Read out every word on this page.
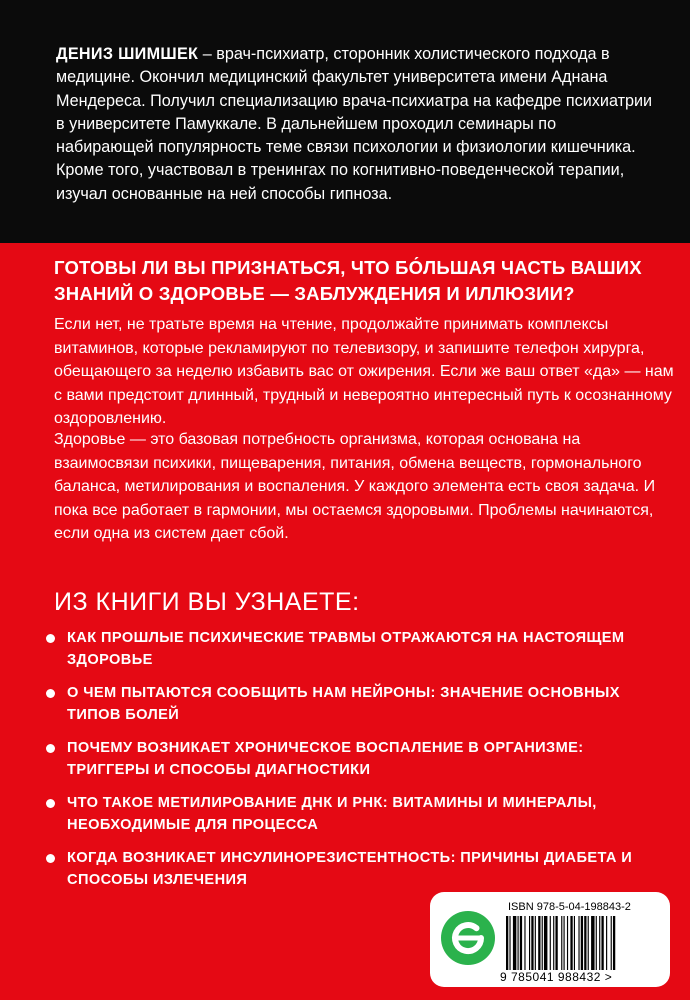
ДЕНИЗ ШИМШЕК – врач-психиатр, сторонник холистического подхода в медицине. Окончил медицинский факультет университета имени Аднана Мендереса. Получил специализацию врача-психиатра на кафедре психиатрии в университете Памуккале. В дальнейшем проходил семинары по набирающей популярность теме связи психологии и физиологии кишечника. Кроме того, участвовал в тренингах по когнитивно-поведенческой терапии, изучал основанные на ней способы гипноза.

ГОТОВЫ ЛИ ВЫ ПРИЗНАТЬСЯ, ЧТО БО́ЛЬШАЯ ЧАСТЬ ВАШИХ ЗНАНИЙ О ЗДОРОВЬЕ — ЗАБЛУЖДЕНИЯ И ИЛЛЮЗИИ?

Если нет, не тратьте время на чтение, продолжайте принимать комплексы витаминов, которые рекламируют по телевизору, и запишите телефон хирурга, обещающего за неделю избавить вас от ожирения. Если же ваш ответ «да» — нам с вами предстоит длинный, трудный и невероятно интересный путь к осознанному оздоровлению.

Здоровье — это базовая потребность организма, которая основана на взаимосвязи психики, пищеварения, питания, обмена веществ, гормонального баланса, метилирования и воспаления. У каждого элемента есть своя задача. И пока все работает в гармонии, мы остаемся здоровыми. Проблемы начинаются, если одна из систем дает сбой.

ИЗ КНИГИ ВЫ УЗНАЕТЕ:
КАК ПРОШЛЫЕ ПСИХИЧЕСКИЕ ТРАВМЫ ОТРАЖАЮТСЯ НА НАСТОЯЩЕМ ЗДОРОВЬЕ
О ЧЕМ ПЫТАЮТСЯ СООБЩИТЬ НАМ НЕЙРОНЫ: ЗНАЧЕНИЕ ОСНОВНЫХ ТИПОВ БОЛЕЙ
ПОЧЕМУ ВОЗНИКАЕТ ХРОНИЧЕСКОЕ ВОСПАЛЕНИЕ В ОРГАНИЗМЕ: ТРИГГЕРЫ И СПОСОБЫ ДИАГНОСТИКИ
ЧТО ТАКОЕ МЕТИЛИРОВАНИЕ ДНК И РНК: ВИТАМИНЫ И МИНЕРАЛЫ, НЕОБХОДИМЫЕ ДЛЯ ПРОЦЕССА
КОГДА ВОЗНИКАЕТ ИНСУЛИНОРЕЗИСТЕНТНОСТЬ: ПРИЧИНЫ ДИАБЕТА И СПОСОБЫ ИЗЛЕЧЕНИЯ
ISBN 978-5-04-198843-2
9 785041 988432 >
